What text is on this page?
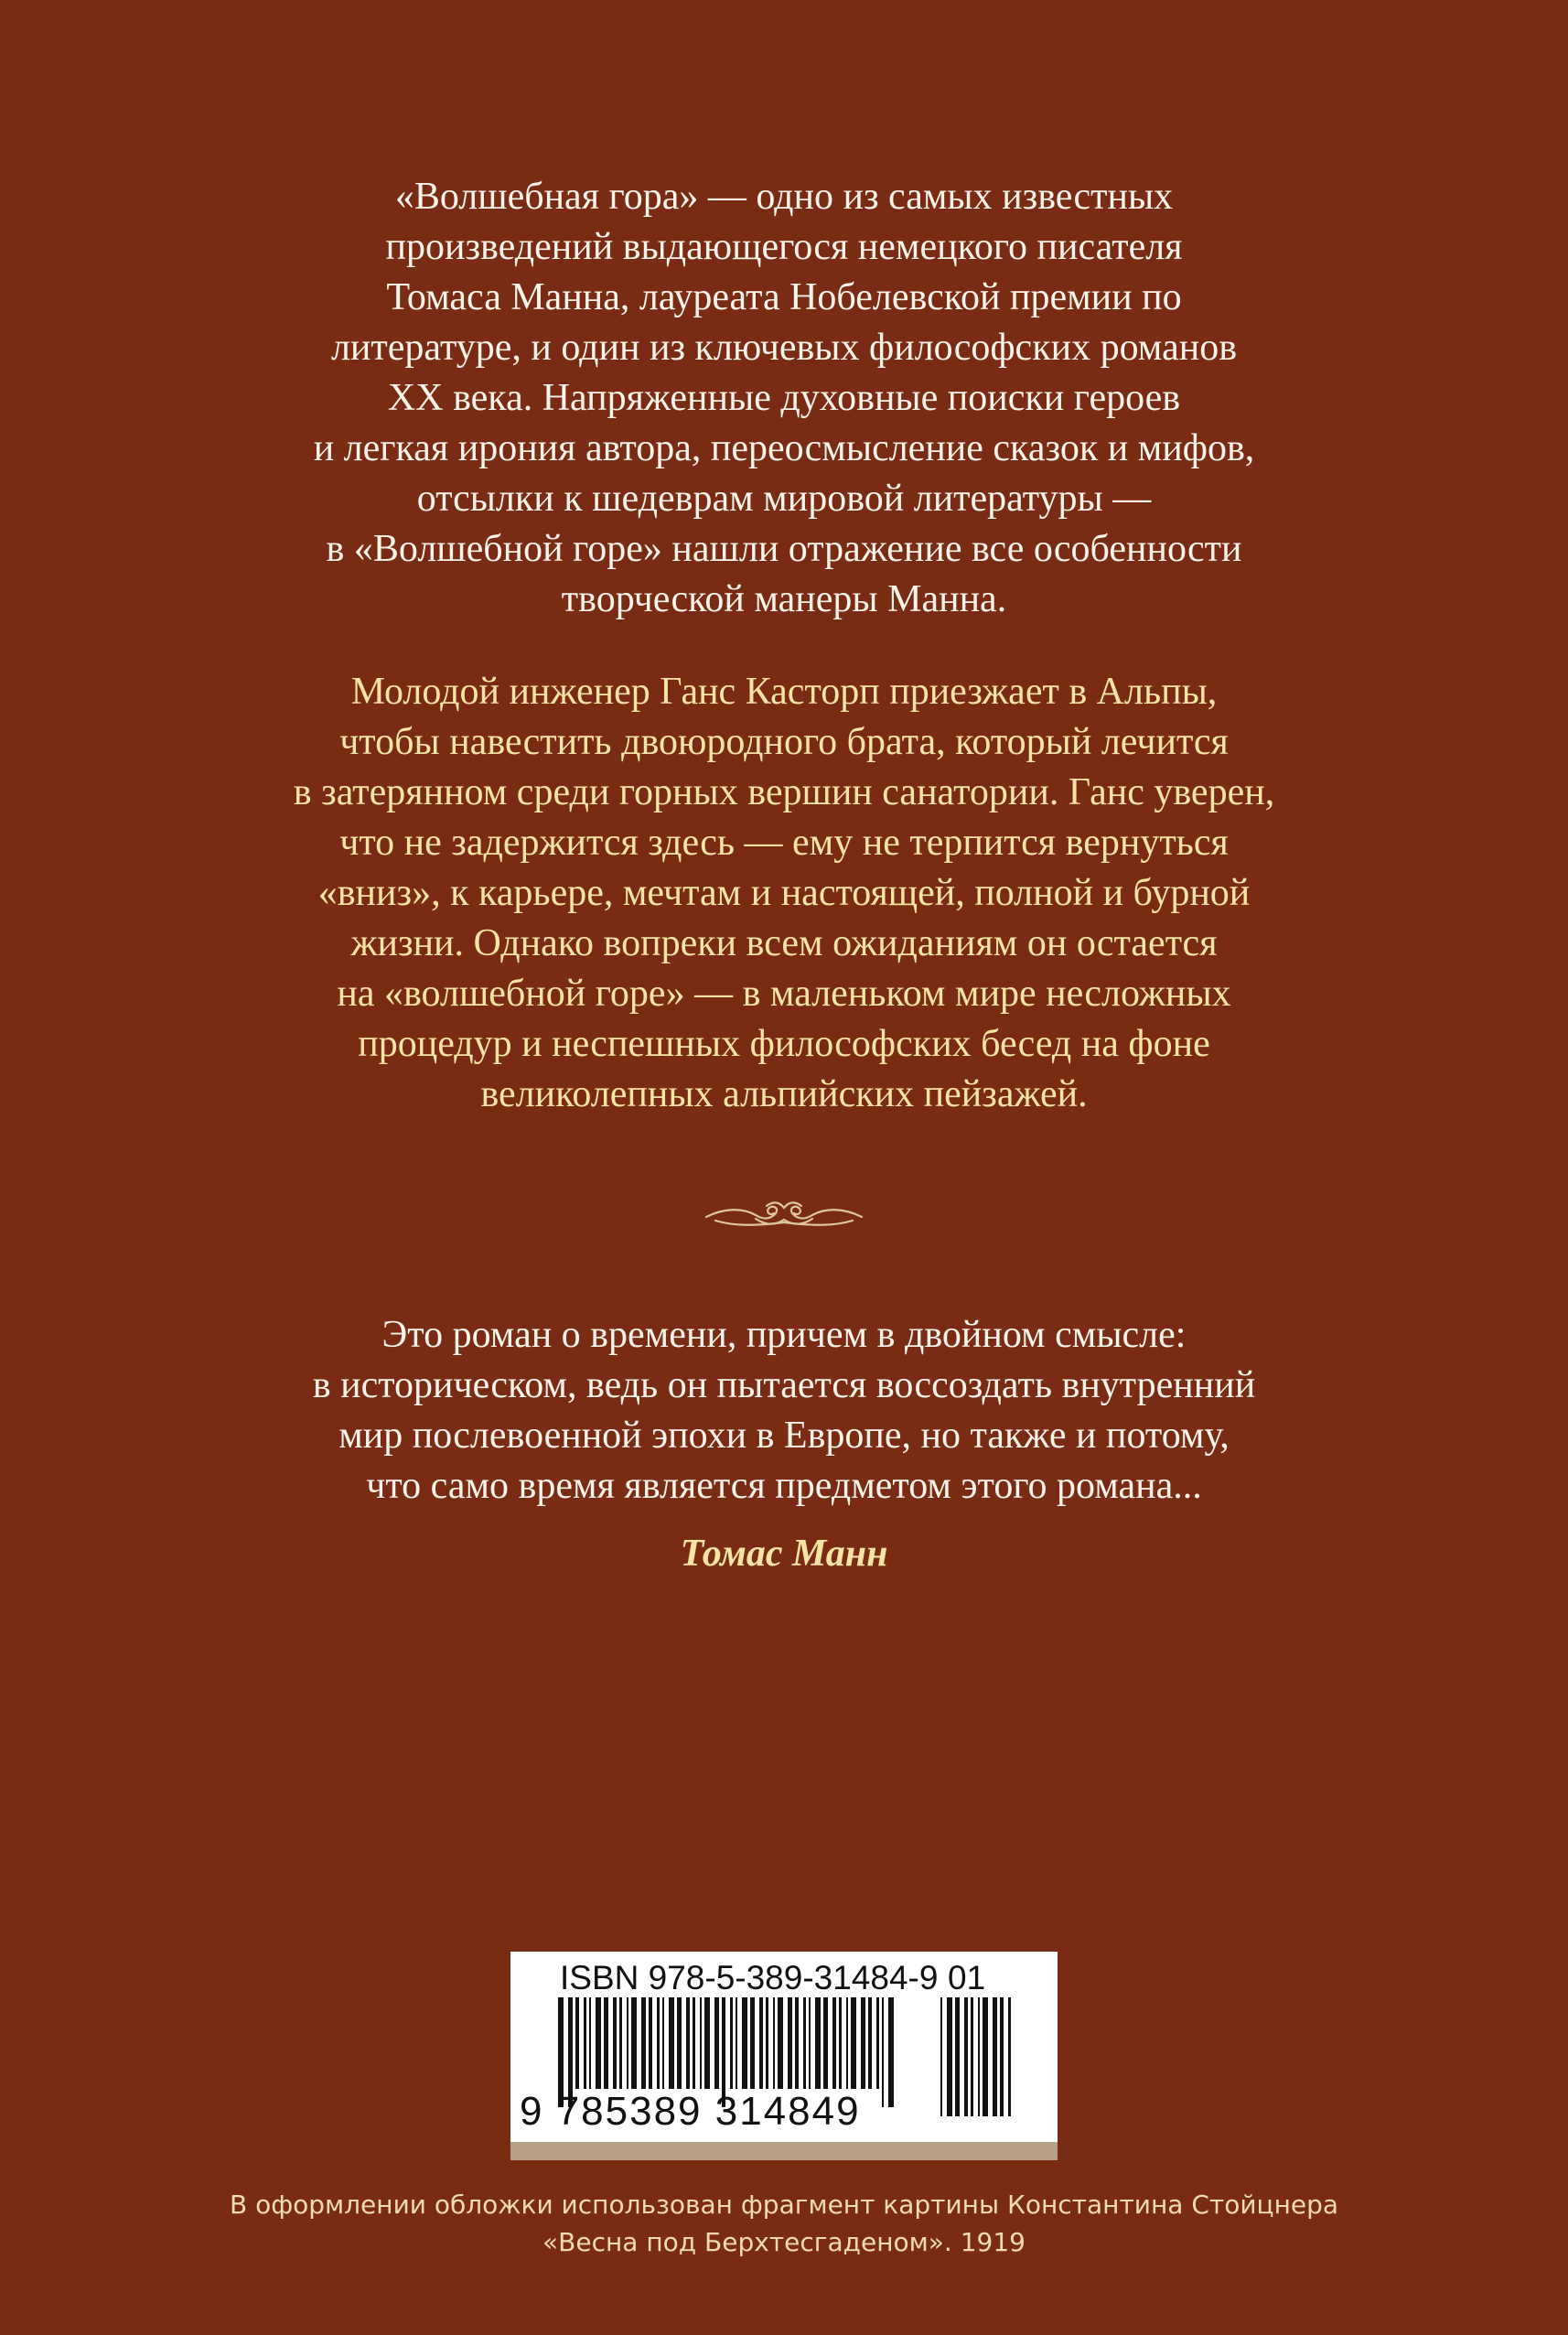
«Волшебная гора» — одно из самых известных
произведений выдающегося немецкого писателя
Томаса Манна, лауреата Нобелевской премии по
литературе, и один из ключевых философских романов
XX века. Напряженные духовные поиски героев
и легкая ирония автора, переосмысление сказок и мифов,
отсылки к шедеврам мировой литературы —
в «Волшебной горе» нашли отражение все особенности
творческой манеры Манна.
Молодой инженер Ганс Касторп приезжает в Альпы,
чтобы навестить двоюродного брата, который лечится
в затерянном среди горных вершин санатории. Ганс уверен,
что не задержится здесь — ему не терпится вернуться
«вниз», к карьере, мечтам и настоящей, полной и бурной
жизни. Однако вопреки всем ожиданиям он остается
на «волшебной горе» — в маленьком мире несложных
процедур и неспешных философских бесед на фоне
великолепных альпийских пейзажей.
Это роман о времени, причем в двойном смысле:
в историческом, ведь он пытается воссоздать внутренний
мир послевоенной эпохи в Европе, но также и потому,
что само время является предметом этого романа...
Томас Манн
ISBN 978-5-389-31484-9 01
9 785389 314849
В оформлении обложки использован фрагмент картины Константина Стойцнера
«Весна под Берхтесгаденом». 1919
